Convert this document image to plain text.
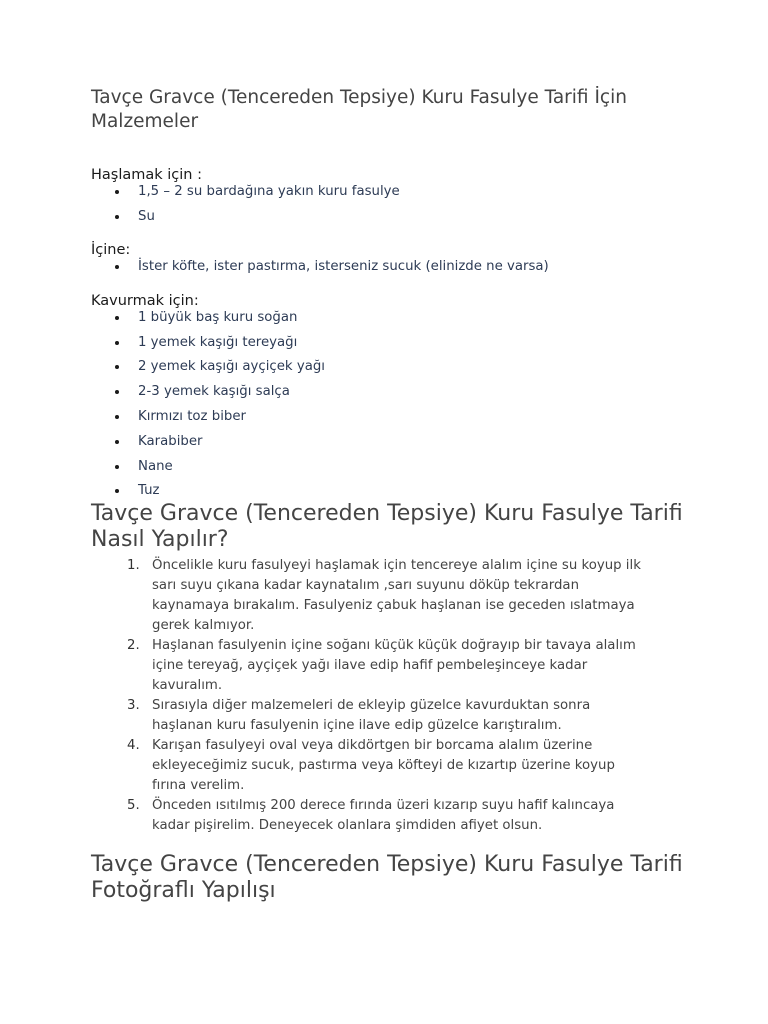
Tavçe Gravce (Tencereden Tepsiye) Kuru Fasulye Tarifi İçin Malzemeler

Haşlamak için :

1,5 – 2 su bardağına yakın kuru fasulye
Su

İçine:

İster köfte, ister pastırma, isterseniz sucuk (elinizde ne varsa)

Kavurmak için:

1 büyük baş kuru soğan
1 yemek kaşığı tereyağı
2 yemek kaşığı ayçiçek yağı
2-3 yemek kaşığı salça
Kırmızı toz biber
Karabiber
Nane
Tuz
Tavçe Gravce (Tencereden Tepsiye) Kuru Fasulye Tarifi Nasıl Yapılır?
1. Öncelikle kuru fasulyeyi haşlamak için tencereye alalım içine su koyup ilk
sarı suyu çıkana kadar kaynatalım ,sarı suyunu döküp tekrardan
kaynamaya bırakalım. Fasulyeniz çabuk haşlanan ise geceden ıslatmaya
gerek kalmıyor.
2. Haşlanan fasulyenin içine soğanı küçük küçük doğrayıp bir tavaya alalım
içine tereyağ, ayçiçek yağı ilave edip hafif pembeleşinceye kadar
kavuralım.
3. Sırasıyla diğer malzemeleri de ekleyip güzelce kavurduktan sonra
haşlanan kuru fasulyenin içine ilave edip güzelce karıştıralım.
4. Karışan fasulyeyi oval veya dikdörtgen bir borcama alalım üzerine
ekleyeceğimiz sucuk, pastırma veya köfteyi de kızartıp üzerine koyup
fırına verelim.
5. Önceden ısıtılmış 200 derece fırında üzeri kızarıp suyu hafif kalıncaya
kadar pişirelim. Deneyecek olanlara şimdiden afiyet olsun.
Tavçe Gravce (Tencereden Tepsiye) Kuru Fasulye Tarifi Fotoğraflı Yapılışı
